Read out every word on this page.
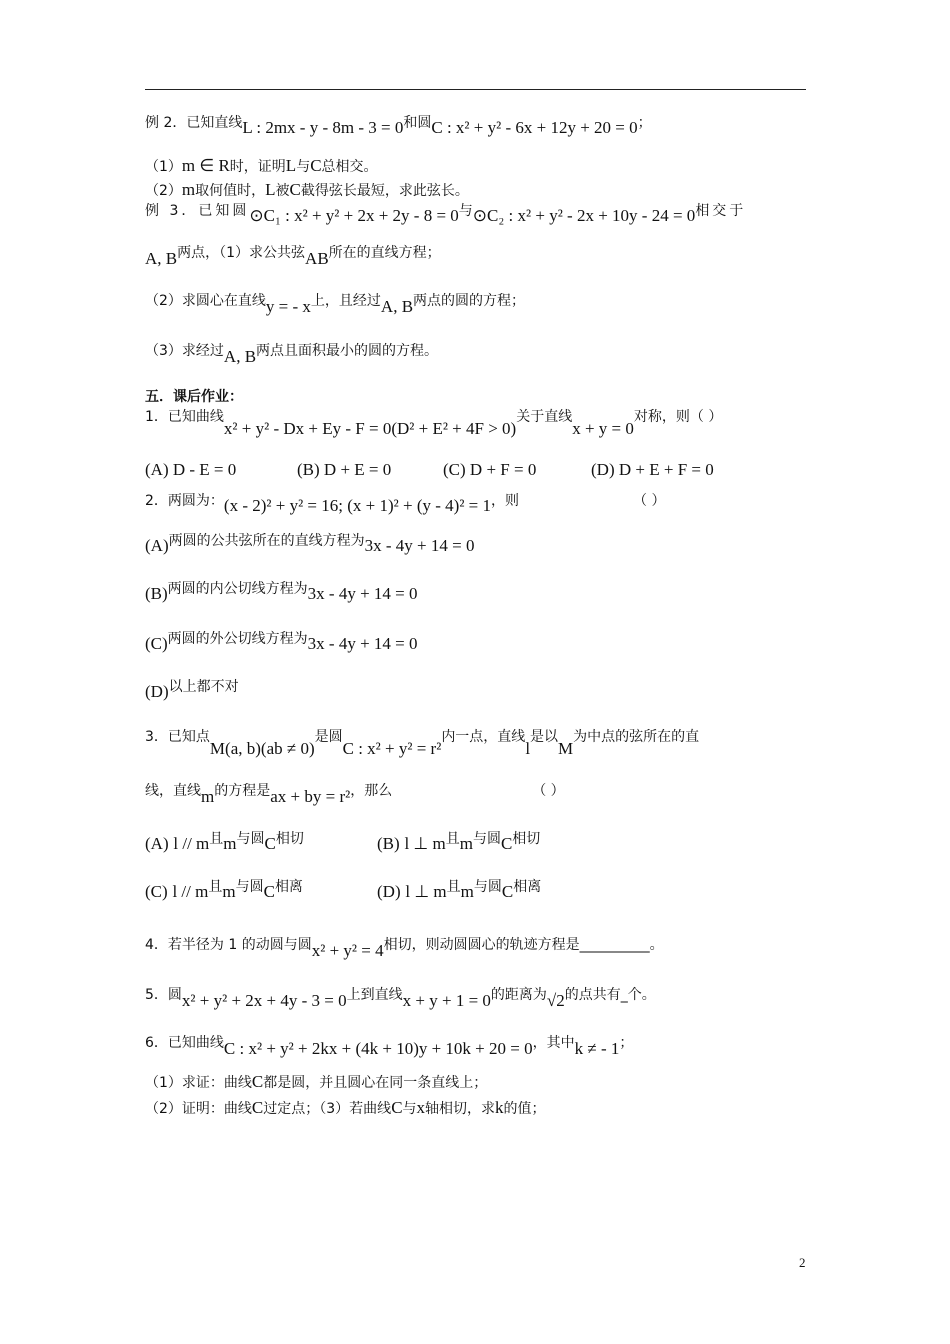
例 2．已知直线 L : 2mx - y - 8m - 3 = 0 和圆 C : x² + y² - 6x + 12y + 20 = 0 ；
（1） m ∈ R 时，证明 L 与 C 总相交。
（2） m 取何值时， L 被 C 截得弦长最短，求此弦长。
例 3．已知圆 ⊙C₁ : x² + y² + 2x + 2y - 8 = 0 与 ⊙C₂ : x² + y² - 2x + 10y - 24 = 0 相交于
A, B 两点，（1）求公共弦 AB 所在的直线方程；
（2）求圆心在直线 y = - x 上，且经过 A, B 两点的圆的方程；
（3）求经过 A, B 两点且面积最小的圆的方程。
五．课后作业：
1．已知曲线
x² + y² - Dx + Ey - F = 0(D² + E² + 4F > 0)
关于直线
x + y = 0
对称，则（ ）
(A) D - E = 0	(B) D + E = 0	(C) D + F = 0	(D) D + E + F = 0
2．两圆为： (x - 2)² + y² = 16; (x + 1)² + (y - 4)² = 1 ，则	（ ）
(A) 两圆的公共弦所在的直线方程为 3x - 4y + 14 = 0
(B) 两圆的内公切线方程为 3x - 4y + 14 = 0
(C) 两圆的外公切线方程为 3x - 4y + 14 = 0
(D) 以上都不对
3．已知点
M(a, b)(ab ≠ 0)
是圆
C : x² + y² = r²
内一点，直线
l
是以
M
为中点的弦所在的直
线，直线 m 的方程是 ax + by = r² ，那么	（ ）
(A) l // m且m与圆C相切	(B) l ⊥ m且m与圆C相切
(C) l // m且m与圆C相离	(D) l ⊥ m且m与圆C相离
4．若半径为 1 的动圆与圆 x² + y² = 4 相切，则动圆圆心的轨迹方程是__________。
5．圆 x² + y² + 2x + 4y - 3 = 0 上到直线 x + y + 1 = 0 的距离为 √2 的点共有_个。
6．已知曲线 C : x² + y² + 2kx + (4k + 10)y + 10k + 20 = 0 ，其中 k ≠ - 1 ；
（1）求证：曲线 C 都是圆，并且圆心在同一条直线上；
（2）证明：曲线 C 过定点；（3）若曲线 C 与 x 轴相切，求 k 的值；
2
